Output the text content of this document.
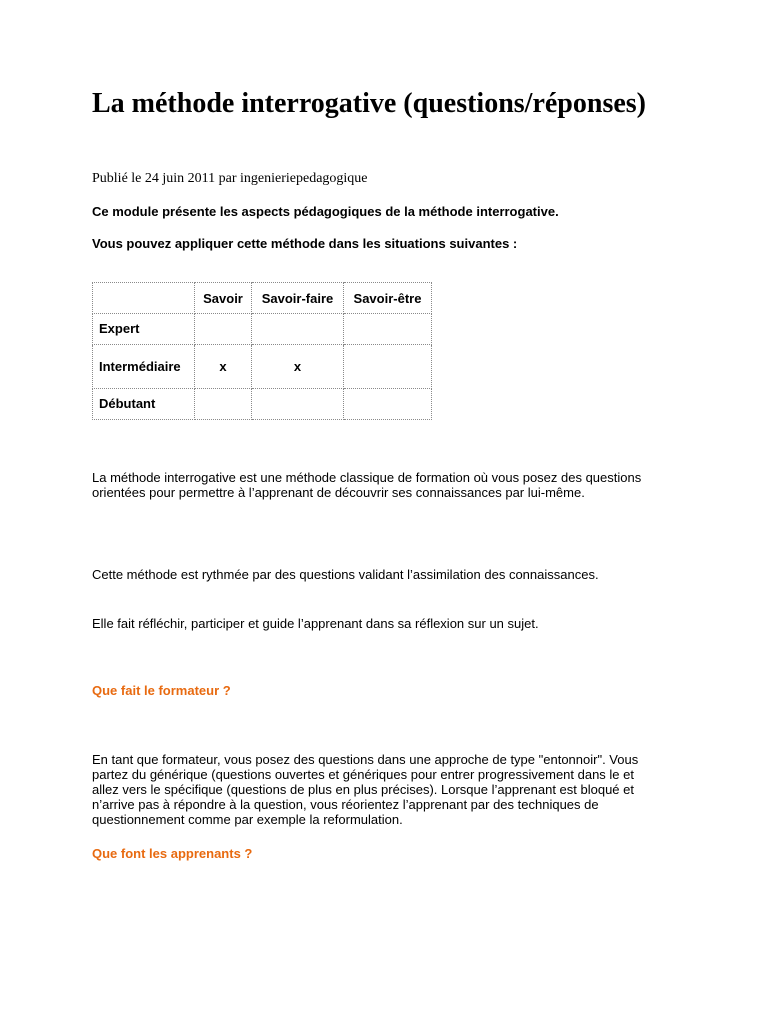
La méthode interrogative (questions/réponses)
Publié le 24 juin 2011 par ingenieriepedagogique
Ce module présente les aspects pédagogiques de la méthode interrogative.
Vous pouvez appliquer cette méthode dans les situations suivantes :
	Savoir	Savoir-faire	Savoir-être
Expert			

Intermédiaire	x	x	
Débutant			
La méthode interrogative est une méthode classique de formation où vous posez des questions orientées pour permettre à l’apprenant de découvrir ses connaissances par lui-même.
Cette méthode est rythmée par des questions validant l’assimilation des connaissances.
Elle fait réfléchir, participer et guide l’apprenant dans sa réflexion sur un sujet.
Que fait le formateur ?
En tant que formateur, vous posez des questions dans une approche de type "entonnoir". Vous partez du générique (questions ouvertes et génériques pour entrer progressivement dans le et allez vers le spécifique (questions de plus en plus précises). Lorsque l’apprenant est bloqué et n’arrive pas à répondre à la question, vous réorientez l’apprenant par des techniques de questionnement comme par exemple la reformulation.
Que font les apprenants ?
